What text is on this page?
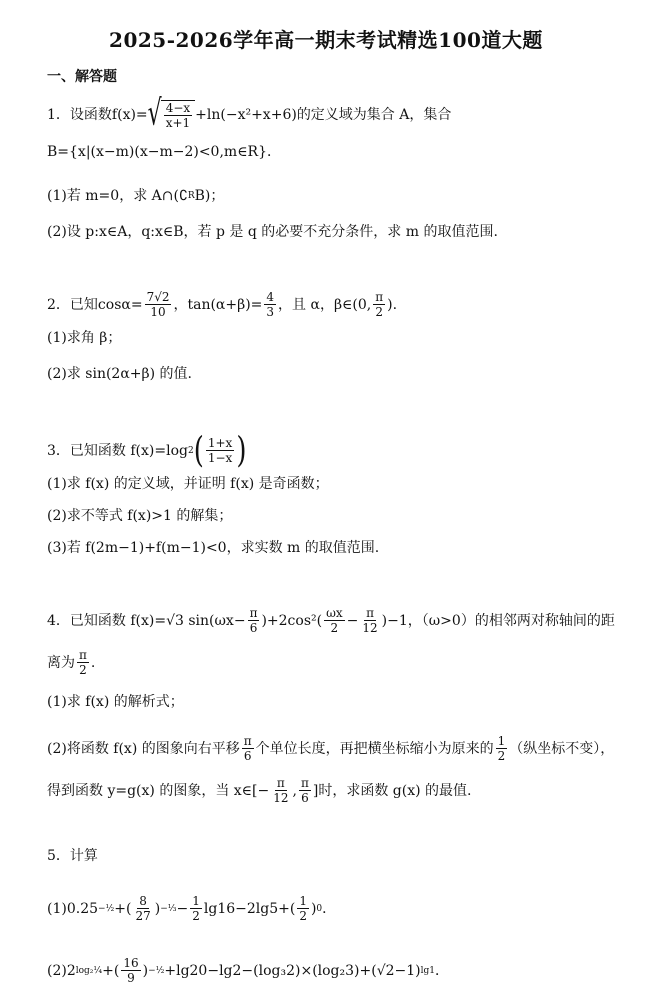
2025-2026学年高一期末考试精选100道大题
一、解答题
1．设函数 f(x)= √ $\frac{4-x}{x+1} +\ln(-x^2+x+6)$ 的定义域为集合 A，集合
B={x|(x−m)(x−m−2)<0,m∈R}．
(1)若 m=0，求 A∩(∁ R B)；
(2)设 p:x∈A，q:x∈B，若 p 是 q 的必要不充分条件，求 m 的取值范围.
2．已知 $\cos\alpha= \frac{7√2}{10}$ ，$\tan(\alpha+\beta)= \frac{4}{3}$ ，且 α，β∈(0, $\frac{\pi}{2}$ ).
(1)求角 β；
(2)求 sin(2α+β) 的值.
3．已知函数 f(x)=log 2 ( $\frac{1+x}{1-x}$ )
(1)求 f(x) 的定义域，并证明 f(x) 是奇函数；
(2)求不等式 f(x)>1 的解集；
(3)若 f(2m−1)+f(m−1)<0，求实数 m 的取值范围.
4．已知函数 f(x)=√3 $\sin(\omega x- \frac{\pi}{6} )+2\cos^2( \frac{\omega x}{2} - \frac{\pi}{12} )-1$，（ω>0）的相邻两对称轴间的距
离为 $\frac{\pi}{2}$ .
(1)求 f(x) 的解析式；
(2)将函数 f(x) 的图象向右平移 $\frac{\pi}{6}$ 个单位长度，再把横坐标缩小为原来的 $\frac{1}{2}$ （纵坐标不变），
得到函数 y=g(x) 的图象，当 x∈[− $\frac{\pi}{12}$ , $\frac{\pi}{6}$ ]时，求函数 g(x) 的最值.
5．计算
(1)0.25 −½ +( $\frac{8}{27}$ ) −⅓ − $\frac{1}{2} \lg 16-2\lg 5+( \frac{1}{2}$ ) 0 ．
(2)2 log₂¼ +( $\frac{16}{9}$ ) −½ +lg20−lg2−(log₃2)×(log₂3)+(√2−1) lg1 ．
